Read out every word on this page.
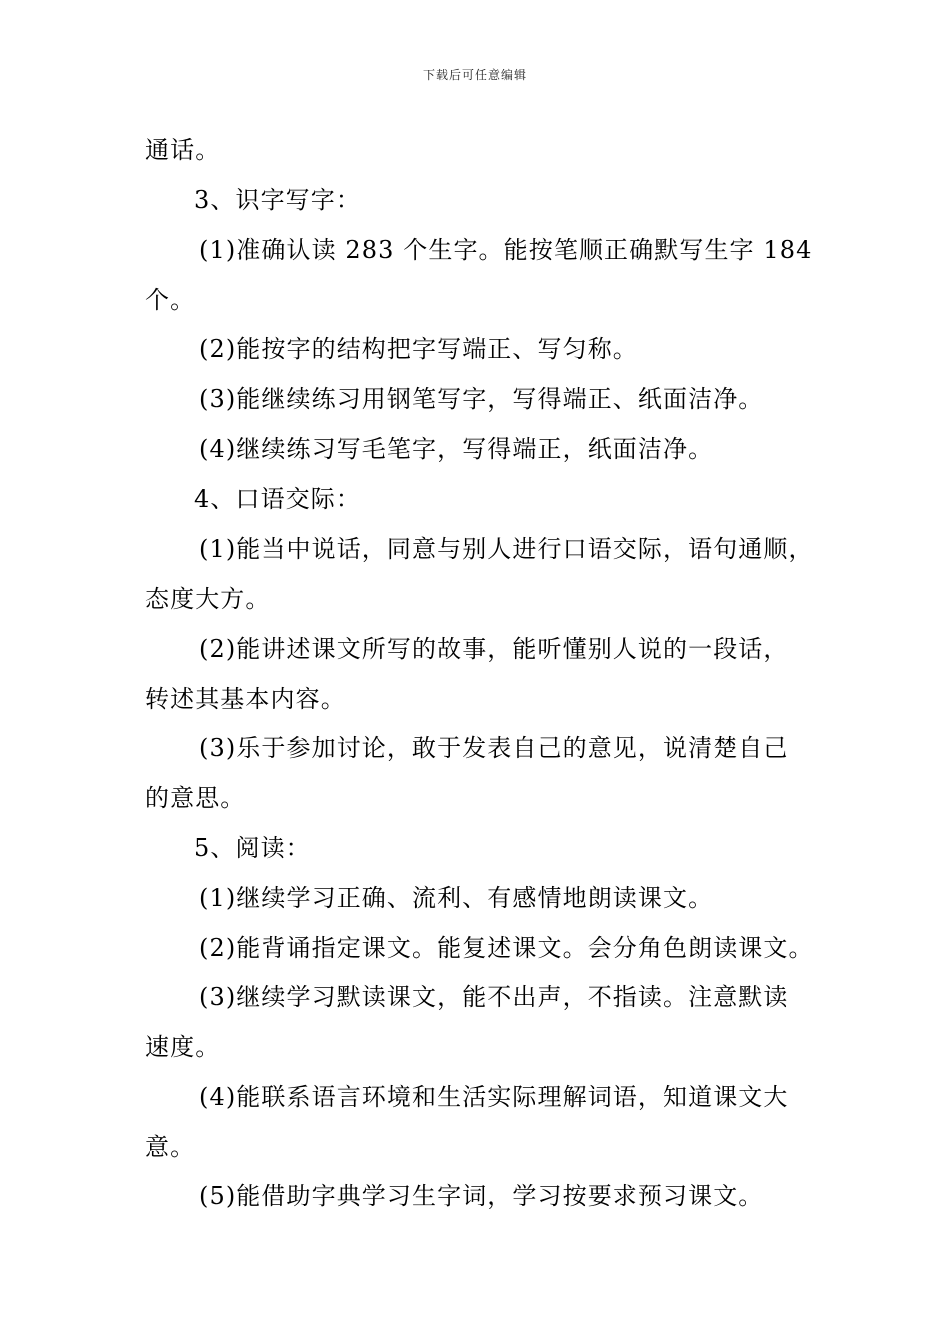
下载后可任意编辑
通话。
3、识字写字：
(1)准确认读 283 个生字。能按笔顺正确默写生字 184
个。
(2)能按字的结构把字写端正、写匀称。
(3)能继续练习用钢笔写字，写得端正、纸面洁净。
(4)继续练习写毛笔字，写得端正，纸面洁净。
4、口语交际：
(1)能当中说话，同意与别人进行口语交际，语句通顺，
态度大方。
(2)能讲述课文所写的故事，能听懂别人说的一段话，
转述其基本内容。
(3)乐于参加讨论，敢于发表自己的意见，说清楚自己
的意思。
5、阅读：
(1)继续学习正确、流利、有感情地朗读课文。
(2)能背诵指定课文。能复述课文。会分角色朗读课文。
(3)继续学习默读课文，能不出声，不指读。注意默读
速度。
(4)能联系语言环境和生活实际理解词语，知道课文大
意。
(5)能借助字典学习生字词，学习按要求预习课文。
